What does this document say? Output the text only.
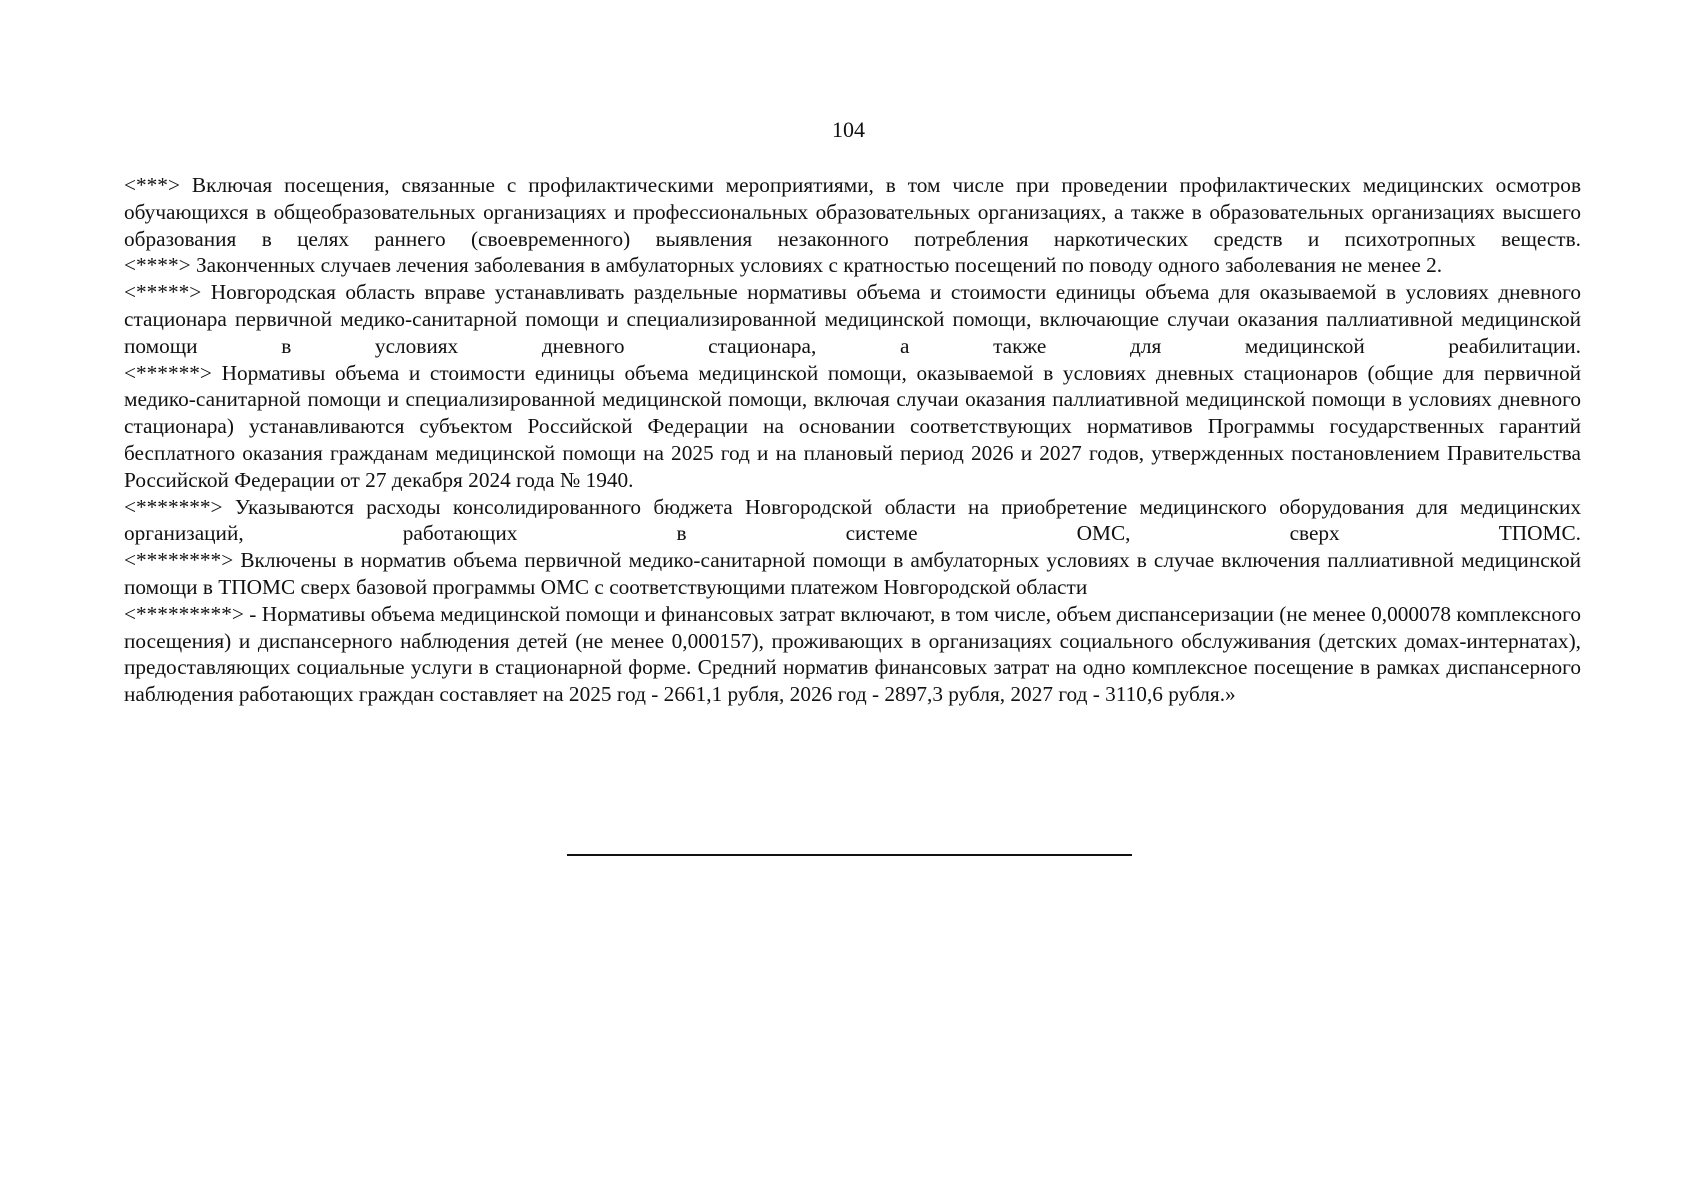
104

<***> Включая посещения, связанные с профилактическими мероприятиями, в том числе при проведении профилактических медицинских осмотров обучающихся в общеобразовательных организациях и профессиональных образовательных организациях, а также в образовательных организациях высшего образования в целях раннего (своевременного) выявления незаконного потребления наркотических средств и психотропных веществ.

<****> Законченных случаев лечения заболевания в амбулаторных условиях с кратностью посещений по поводу одного заболевания не менее 2.

<*****> Новгородская область вправе устанавливать раздельные нормативы объема и стоимости единицы объема для оказываемой в условиях дневного стационара первичной медико-санитарной помощи и специализированной медицинской помощи, включающие случаи оказания паллиативной медицинской помощи в условиях дневного стационара, а также для медицинской реабилитации.

<******> Нормативы объема и стоимости единицы объема медицинской помощи, оказываемой в условиях дневных стационаров (общие для первичной медико-санитарной помощи и специализированной медицинской помощи, включая случаи оказания паллиативной медицинской помощи в условиях дневного стационара) устанавливаются субъектом Российской Федерации на основании соответствующих нормативов Программы государственных гарантий бесплатного оказания гражданам медицинской помощи на 2025 год и на плановый период 2026 и 2027 годов, утвержденных постановлением Правительства Российской Федерации от 27 декабря 2024 года № 1940.

<*******> Указываются расходы консолидированного бюджета Новгородской области на приобретение медицинского оборудования для медицинских организаций, работающих в системе ОМС, сверх ТПОМС.

<********> Включены в норматив объема первичной медико-санитарной помощи в амбулаторных условиях в случае включения паллиативной медицинской помощи в ТПОМС сверх базовой программы ОМС с соответствующими платежом Новгородской области

<*********> - Нормативы объема медицинской помощи и финансовых затрат включают, в том числе, объем диспансеризации (не менее 0,000078 комплексного посещения) и диспансерного наблюдения детей (не менее 0,000157), проживающих в организациях социального обслуживания (детских домах-интернатах), предоставляющих социальные услуги в стационарной форме. Средний норматив финансовых затрат на одно комплексное посещение в рамках диспансерного наблюдения работающих граждан составляет на 2025 год - 2661,1 рубля, 2026 год - 2897,3 рубля, 2027 год - 3110,6 рубля.»
